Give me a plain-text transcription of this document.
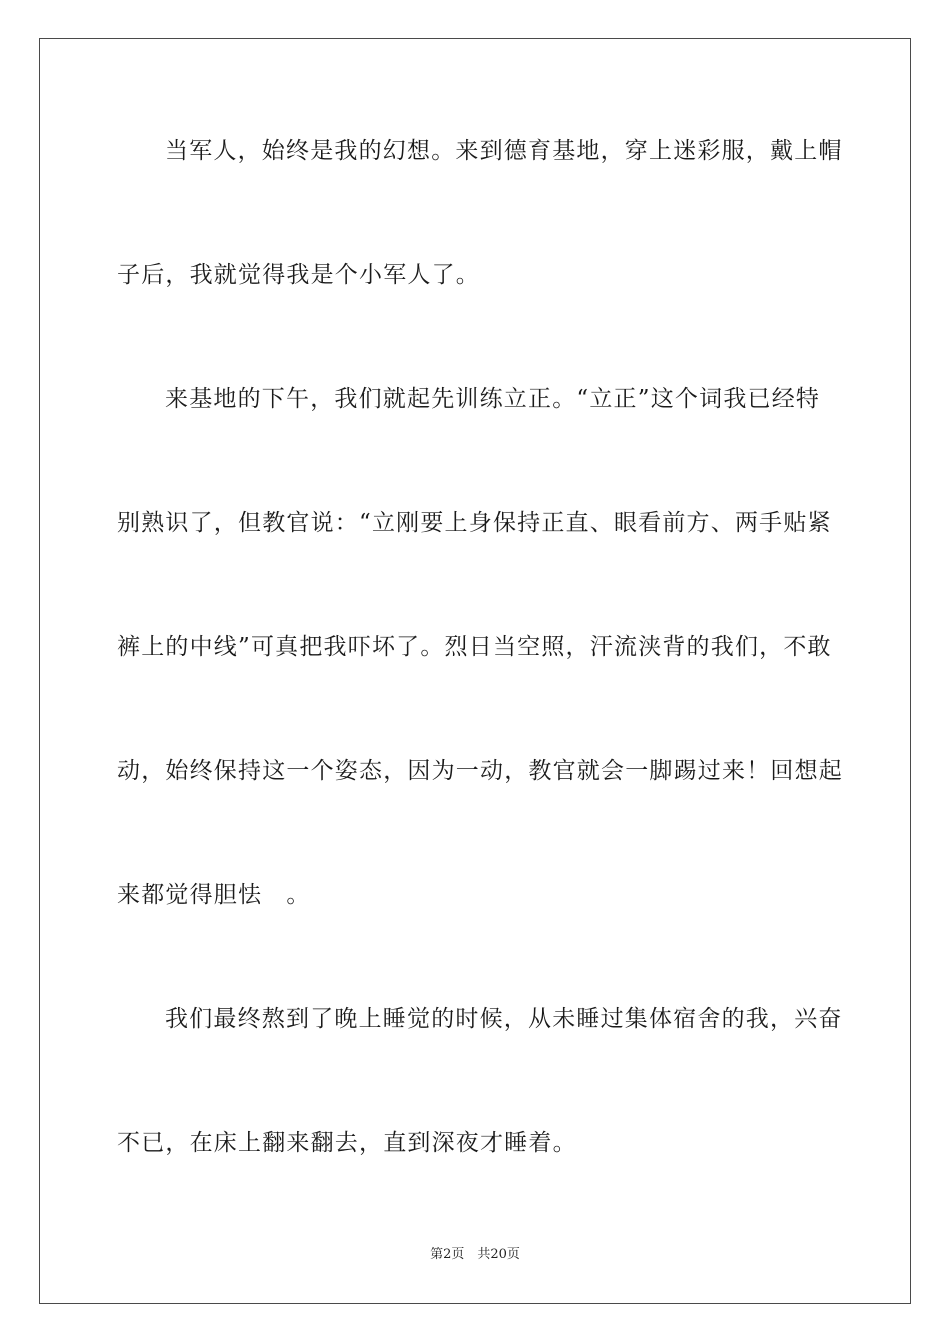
当军人，始终是我的幻想。来到德育基地，穿上迷彩服，戴上帽
子后，我就觉得我是个小军人了。
来基地的下午，我们就起先训练立正。“立正”这个词我已经特
别熟识了，但教官说：“立刚要上身保持正直、眼看前方、两手贴紧
裤上的中线”可真把我吓坏了。烈日当空照，汗流浃背的我们，不敢
动，始终保持这一个姿态，因为一动，教官就会一脚踢过来！回想起
来都觉得胆怯　。
我们最终熬到了晚上睡觉的时候，从未睡过集体宿舍的我，兴奋
不已，在床上翻来翻去，直到深夜才睡着。
第2页　共20页
